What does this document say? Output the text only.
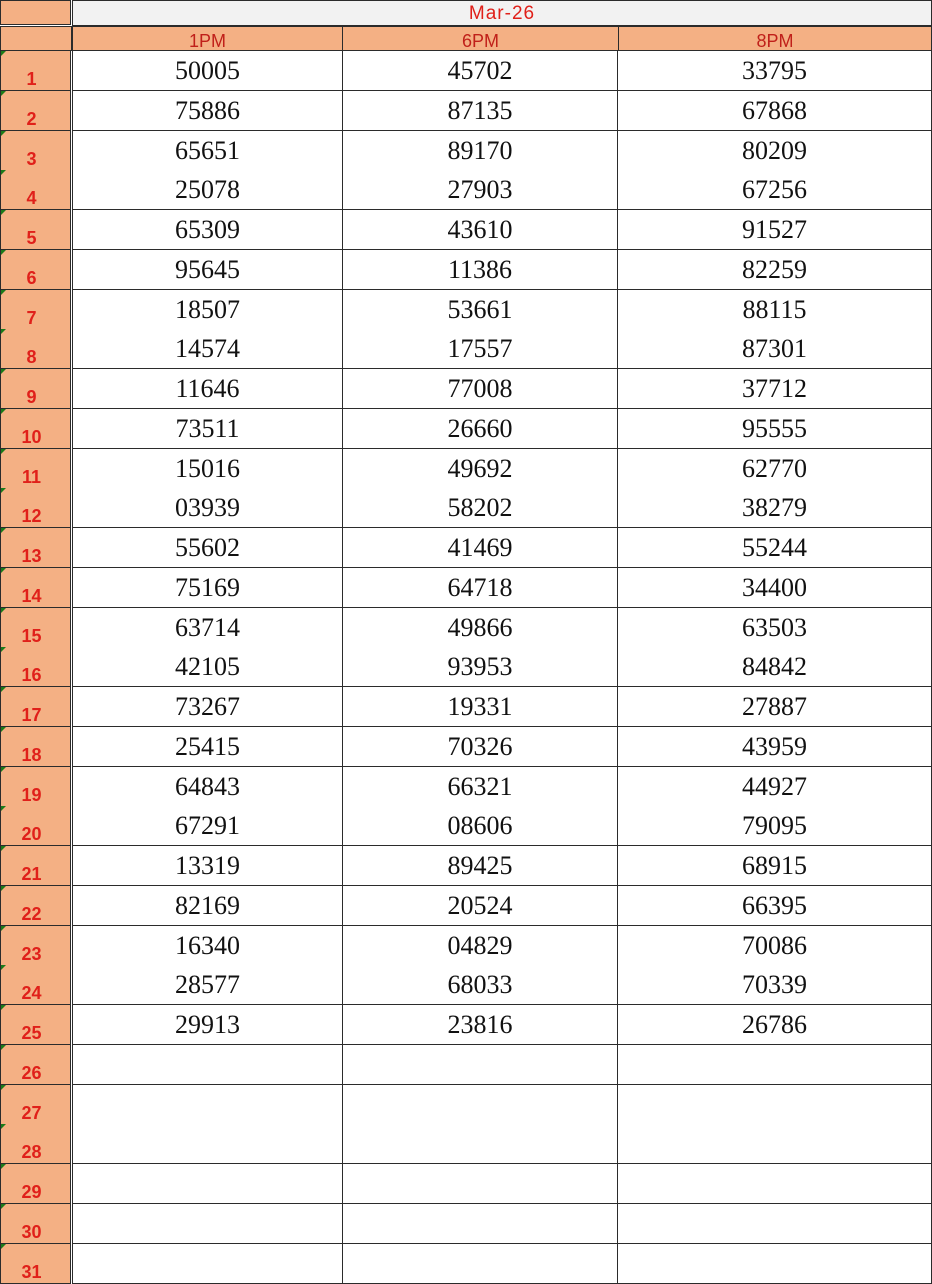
Mar-26
1PM	6PM	8PM
1	50005	45702	33795
2	75886	87135	67868
3	65651	89170	80209
4	25078	27903	67256
5	65309	43610	91527
6	95645	11386	82259
7	18507	53661	88115
8	14574	17557	87301
9	11646	77008	37712
10	73511	26660	95555
11	15016	49692	62770
12	03939	58202	38279
13	55602	41469	55244
14	75169	64718	34400
15	63714	49866	63503
16	42105	93953	84842
17	73267	19331	27887
18	25415	70326	43959
19	64843	66321	44927
20	67291	08606	79095
21	13319	89425	68915
22	82169	20524	66395
23	16340	04829	70086
24	28577	68033	70339
25	29913	23816	26786
26
27
28
29
30
31
